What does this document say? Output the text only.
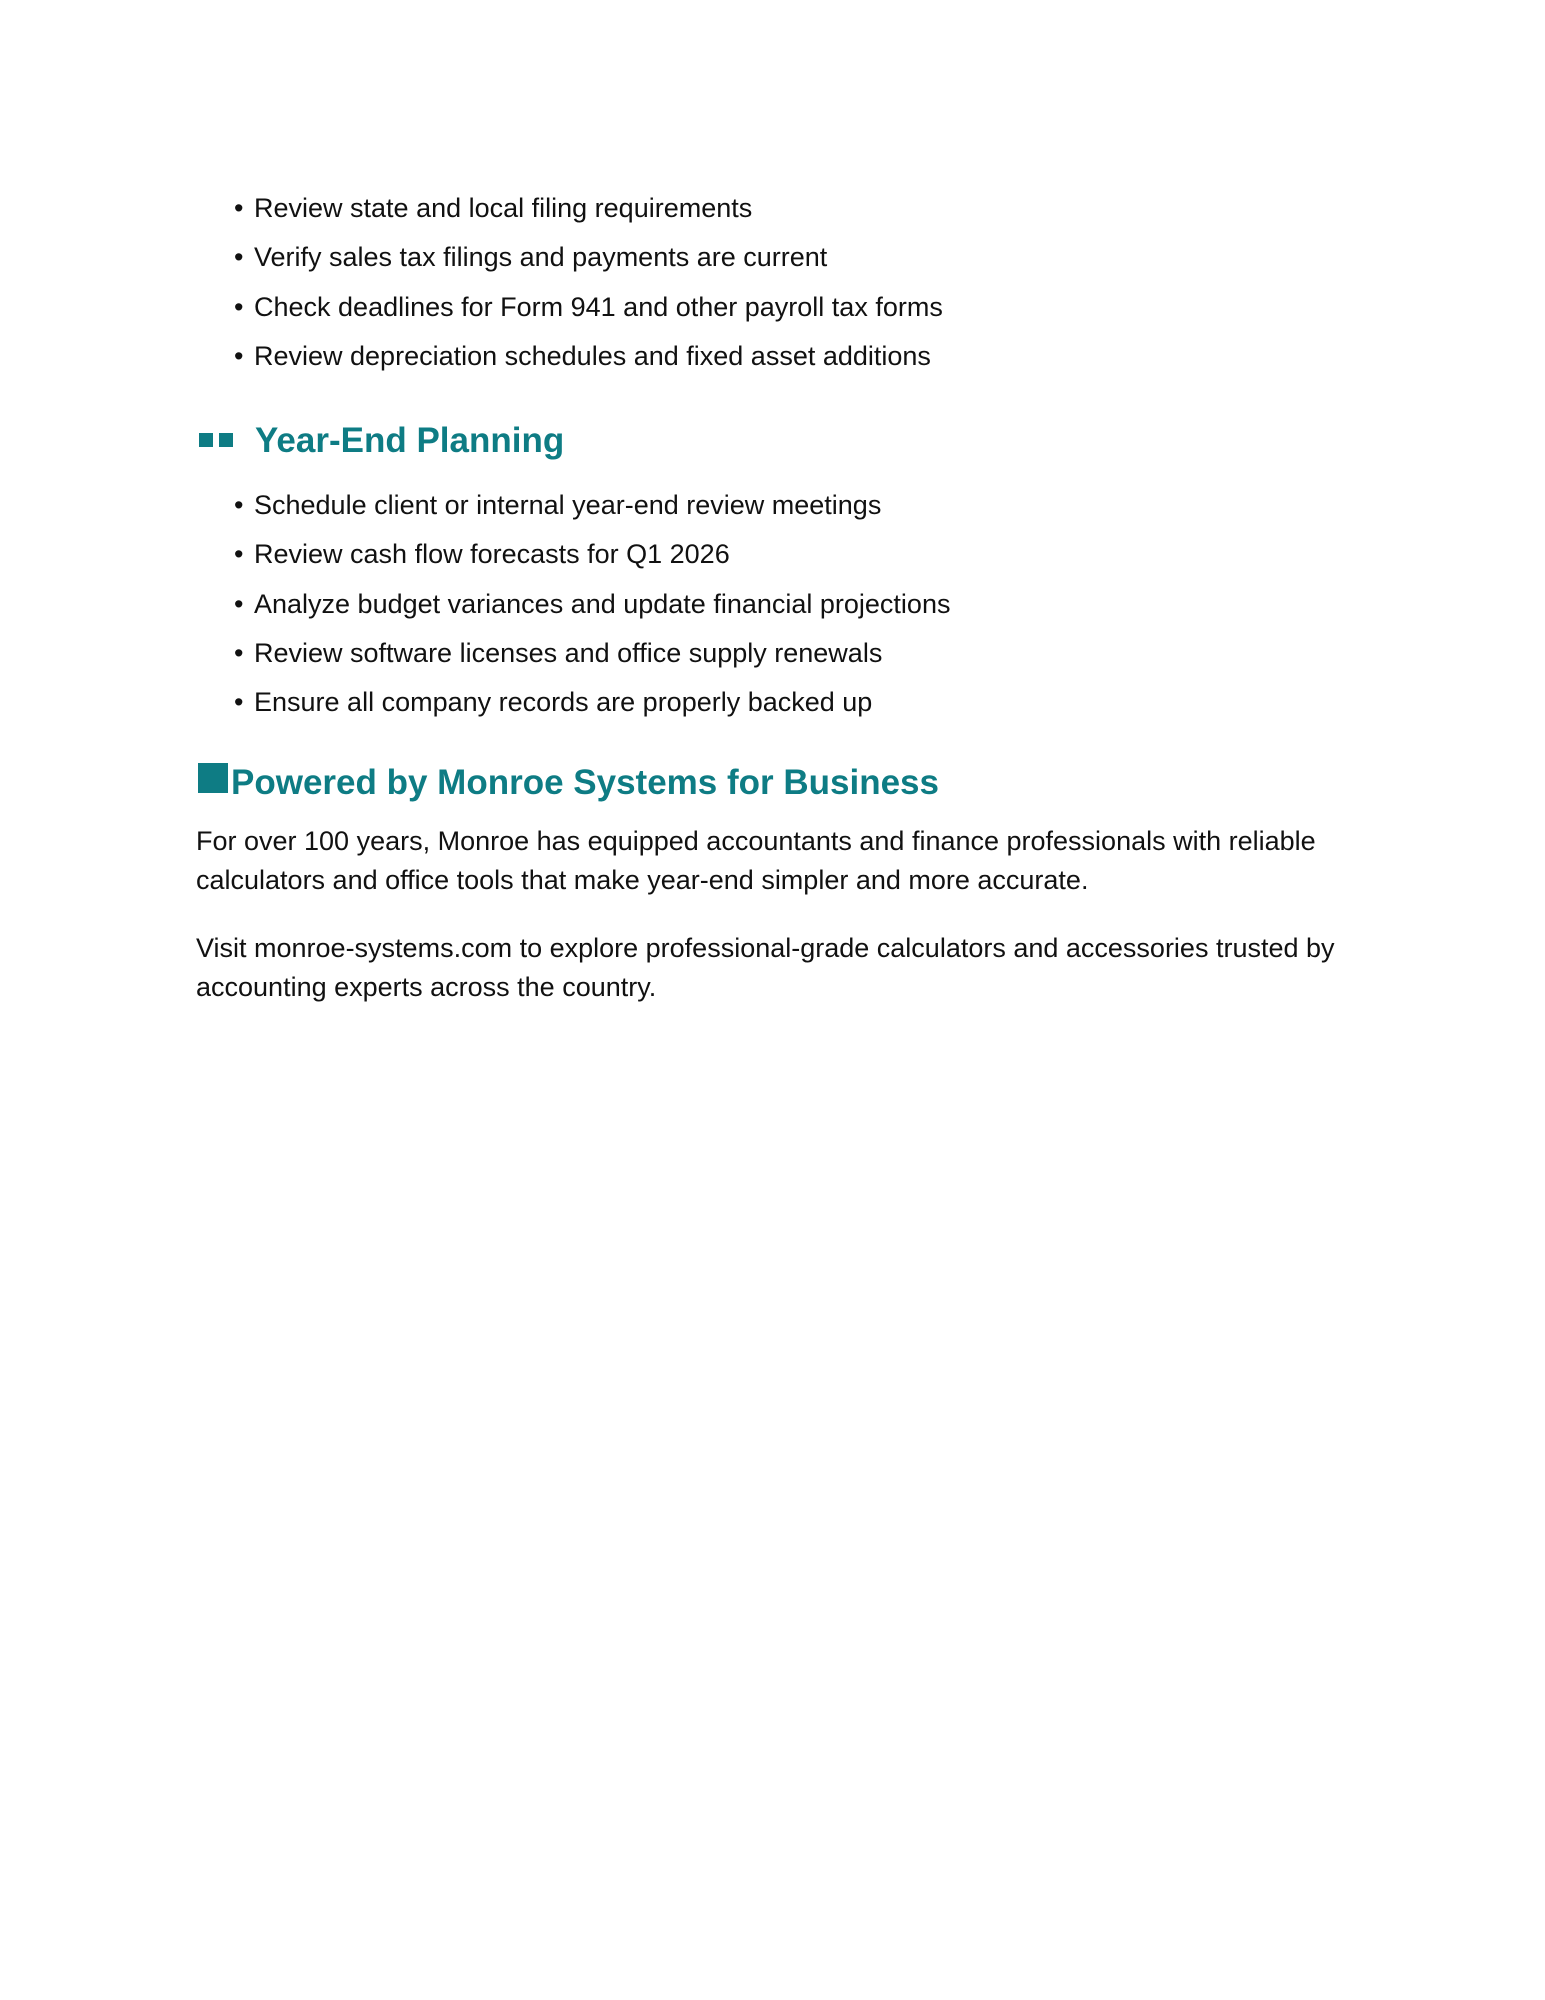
• Review state and local filing requirements
• Verify sales tax filings and payments are current
• Check deadlines for Form 941 and other payroll tax forms
• Review depreciation schedules and fixed asset additions
Year-End Planning
• Schedule client or internal year-end review meetings
• Review cash flow forecasts for Q1 2026
• Analyze budget variances and update financial projections
• Review software licenses and office supply renewals
• Ensure all company records are properly backed up
Powered by Monroe Systems for Business

For over 100 years, Monroe has equipped accountants and finance professionals with reliable calculators and office tools that make year-end simpler and more accurate.

Visit monroe-systems.com to explore professional-grade calculators and accessories trusted by accounting experts across the country.
